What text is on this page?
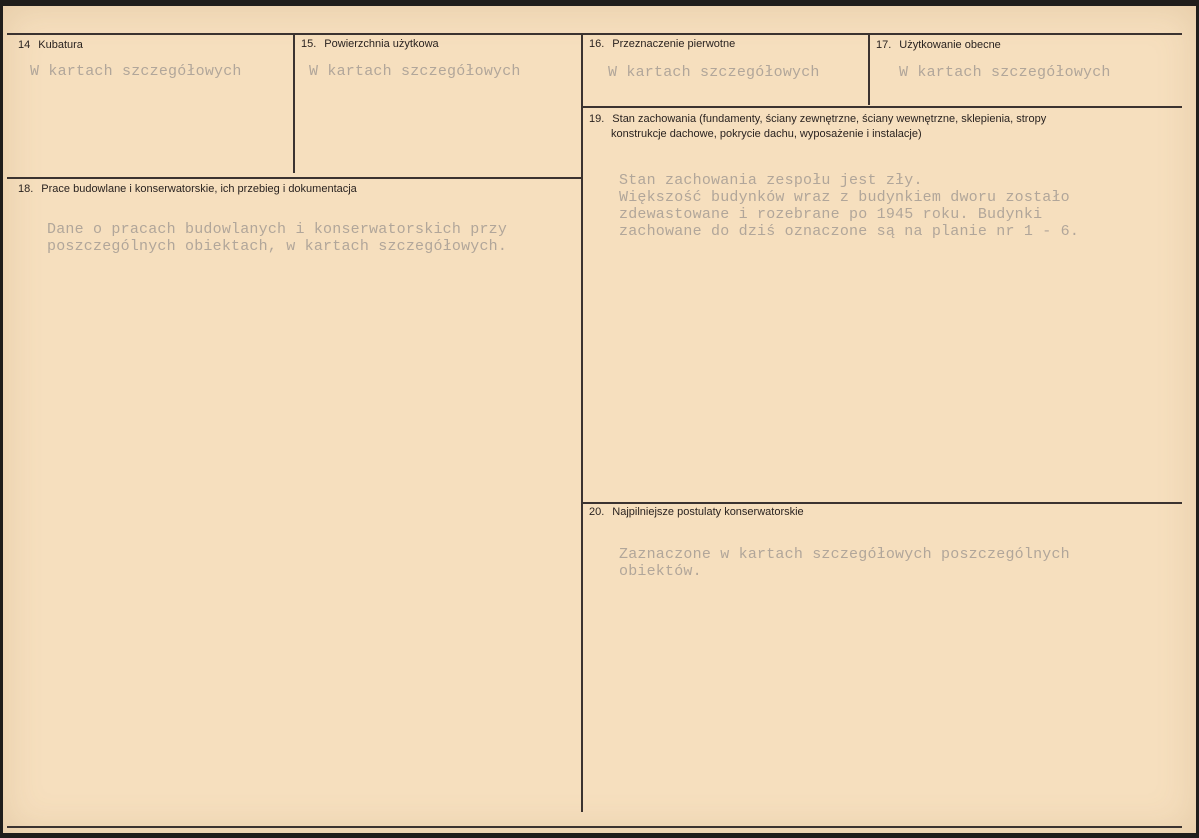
14 Kubatura
W kartach szczegółowych
15. Powierzchnia użytkowa
W kartach szczegółowych
16. Przeznaczenie pierwotne
W kartach szczegółowych
17. Użytkowanie obecne
W kartach szczegółowych
19. Stan zachowania (fundamenty, ściany zewnętrzne, ściany wewnętrzne, sklepienia, stropy
konstrukcje dachowe, pokrycie dachu, wyposażenie i instalacje)
Stan zachowania zespołu jest zły.
Większość budynków wraz z budynkiem dworu zostało
zdewastowane i rozebrane po 1945 roku. Budynki
zachowane do dziś oznaczone są na planie nr 1 - 6.
18. Prace budowlane i konserwatorskie, ich przebieg i dokumentacja
Dane o pracach budowlanych i konserwatorskich przy
poszczególnych obiektach, w kartach szczegółowych.
20. Najpilniejsze postulaty konserwatorskie
Zaznaczone w kartach szczegółowych poszczególnych
obiektów.
